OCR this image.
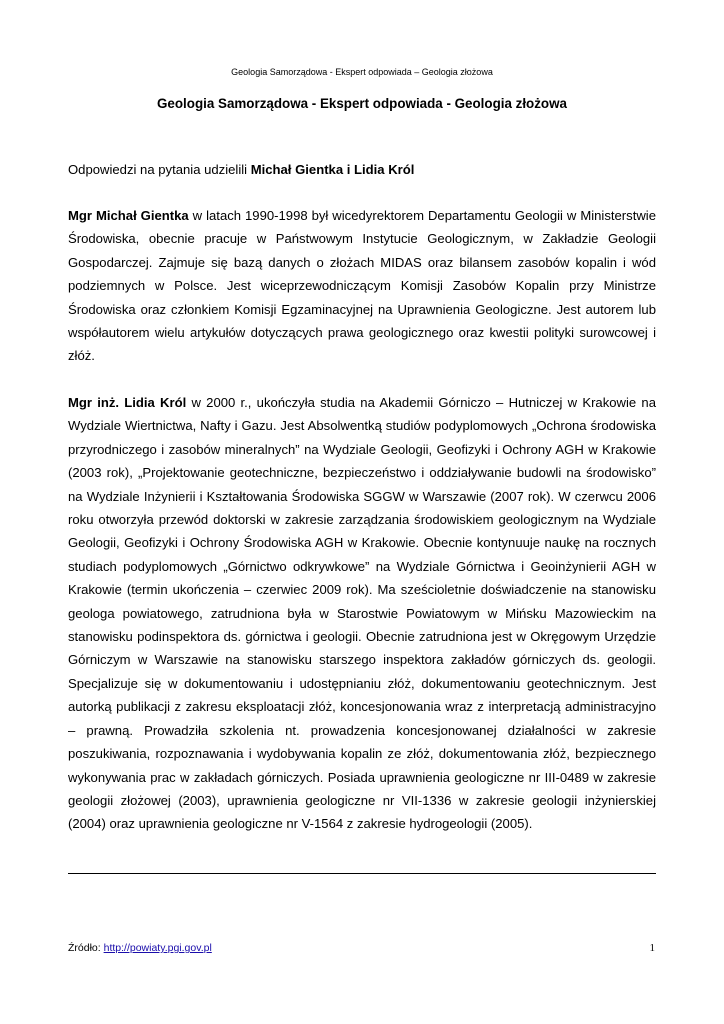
Geologia Samorządowa - Ekspert odpowiada – Geologia złożowa
Geologia Samorządowa - Ekspert odpowiada - Geologia złożowa
Odpowiedzi na pytania udzielili Michał Gientka i Lidia Król
Mgr Michał Gientka w latach 1990-1998 był wicedyrektorem Departamentu Geologii w Ministerstwie Środowiska, obecnie pracuje w Państwowym Instytucie Geologicznym, w Zakładzie Geologii Gospodarczej. Zajmuje się bazą danych o złożach MIDAS oraz bilansem zasobów kopalin i wód podziemnych w Polsce. Jest wiceprzewodniczącym Komisji Zasobów Kopalin przy Ministrze Środowiska oraz członkiem Komisji Egzaminacyjnej na Uprawnienia Geologiczne. Jest autorem lub współautorem wielu artykułów dotyczących prawa geologicznego oraz kwestii polityki surowcowej i złóż.
Mgr inż. Lidia Król w 2000 r., ukończyła studia na Akademii Górniczo – Hutniczej w Krakowie na Wydziale Wiertnictwa, Nafty i Gazu. Jest Absolwentką studiów podyplomowych „Ochrona środowiska przyrodniczego i zasobów mineralnych” na Wydziale Geologii, Geofizyki i Ochrony AGH w Krakowie (2003 rok), „Projektowanie geotechniczne, bezpieczeństwo i oddziaływanie budowli na środowisko” na Wydziale Inżynierii i Kształtowania Środowiska SGGW w Warszawie (2007 rok). W czerwcu 2006 roku otworzyła przewód doktorski w zakresie zarządzania środowiskiem geologicznym na Wydziale Geologii, Geofizyki i Ochrony Środowiska AGH w Krakowie. Obecnie kontynuuje naukę na rocznych studiach podyplomowych „Górnictwo odkrywkowe” na Wydziale Górnictwa i Geoinżynierii AGH w Krakowie (termin ukończenia – czerwiec 2009 rok). Ma sześcioletnie doświadczenie na stanowisku geologa powiatowego, zatrudniona była w Starostwie Powiatowym w Mińsku Mazowieckim na stanowisku podinspektora ds. górnictwa i geologii. Obecnie zatrudniona jest w Okręgowym Urzędzie Górniczym w Warszawie na stanowisku starszego inspektora zakładów górniczych ds. geologii. Specjalizuje się w dokumentowaniu i udostępnianiu złóż, dokumentowaniu geotechnicznym. Jest autorką publikacji z zakresu eksploatacji złóż, koncesjonowania wraz z interpretacją administracyjno – prawną. Prowadziła szkolenia nt. prowadzenia koncesjonowanej działalności w zakresie poszukiwania, rozpoznawania i wydobywania kopalin ze złóż, dokumentowania złóż, bezpiecznego wykonywania prac w zakładach górniczych. Posiada uprawnienia geologiczne nr III-0489 w zakresie geologii złożowej (2003), uprawnienia geologiczne nr VII-1336 w zakresie geologii inżynierskiej (2004) oraz uprawnienia geologiczne nr V-1564 z zakresie hydrogeologii (2005).
Źródło: http://powiaty.pgi.gov.pl	1
